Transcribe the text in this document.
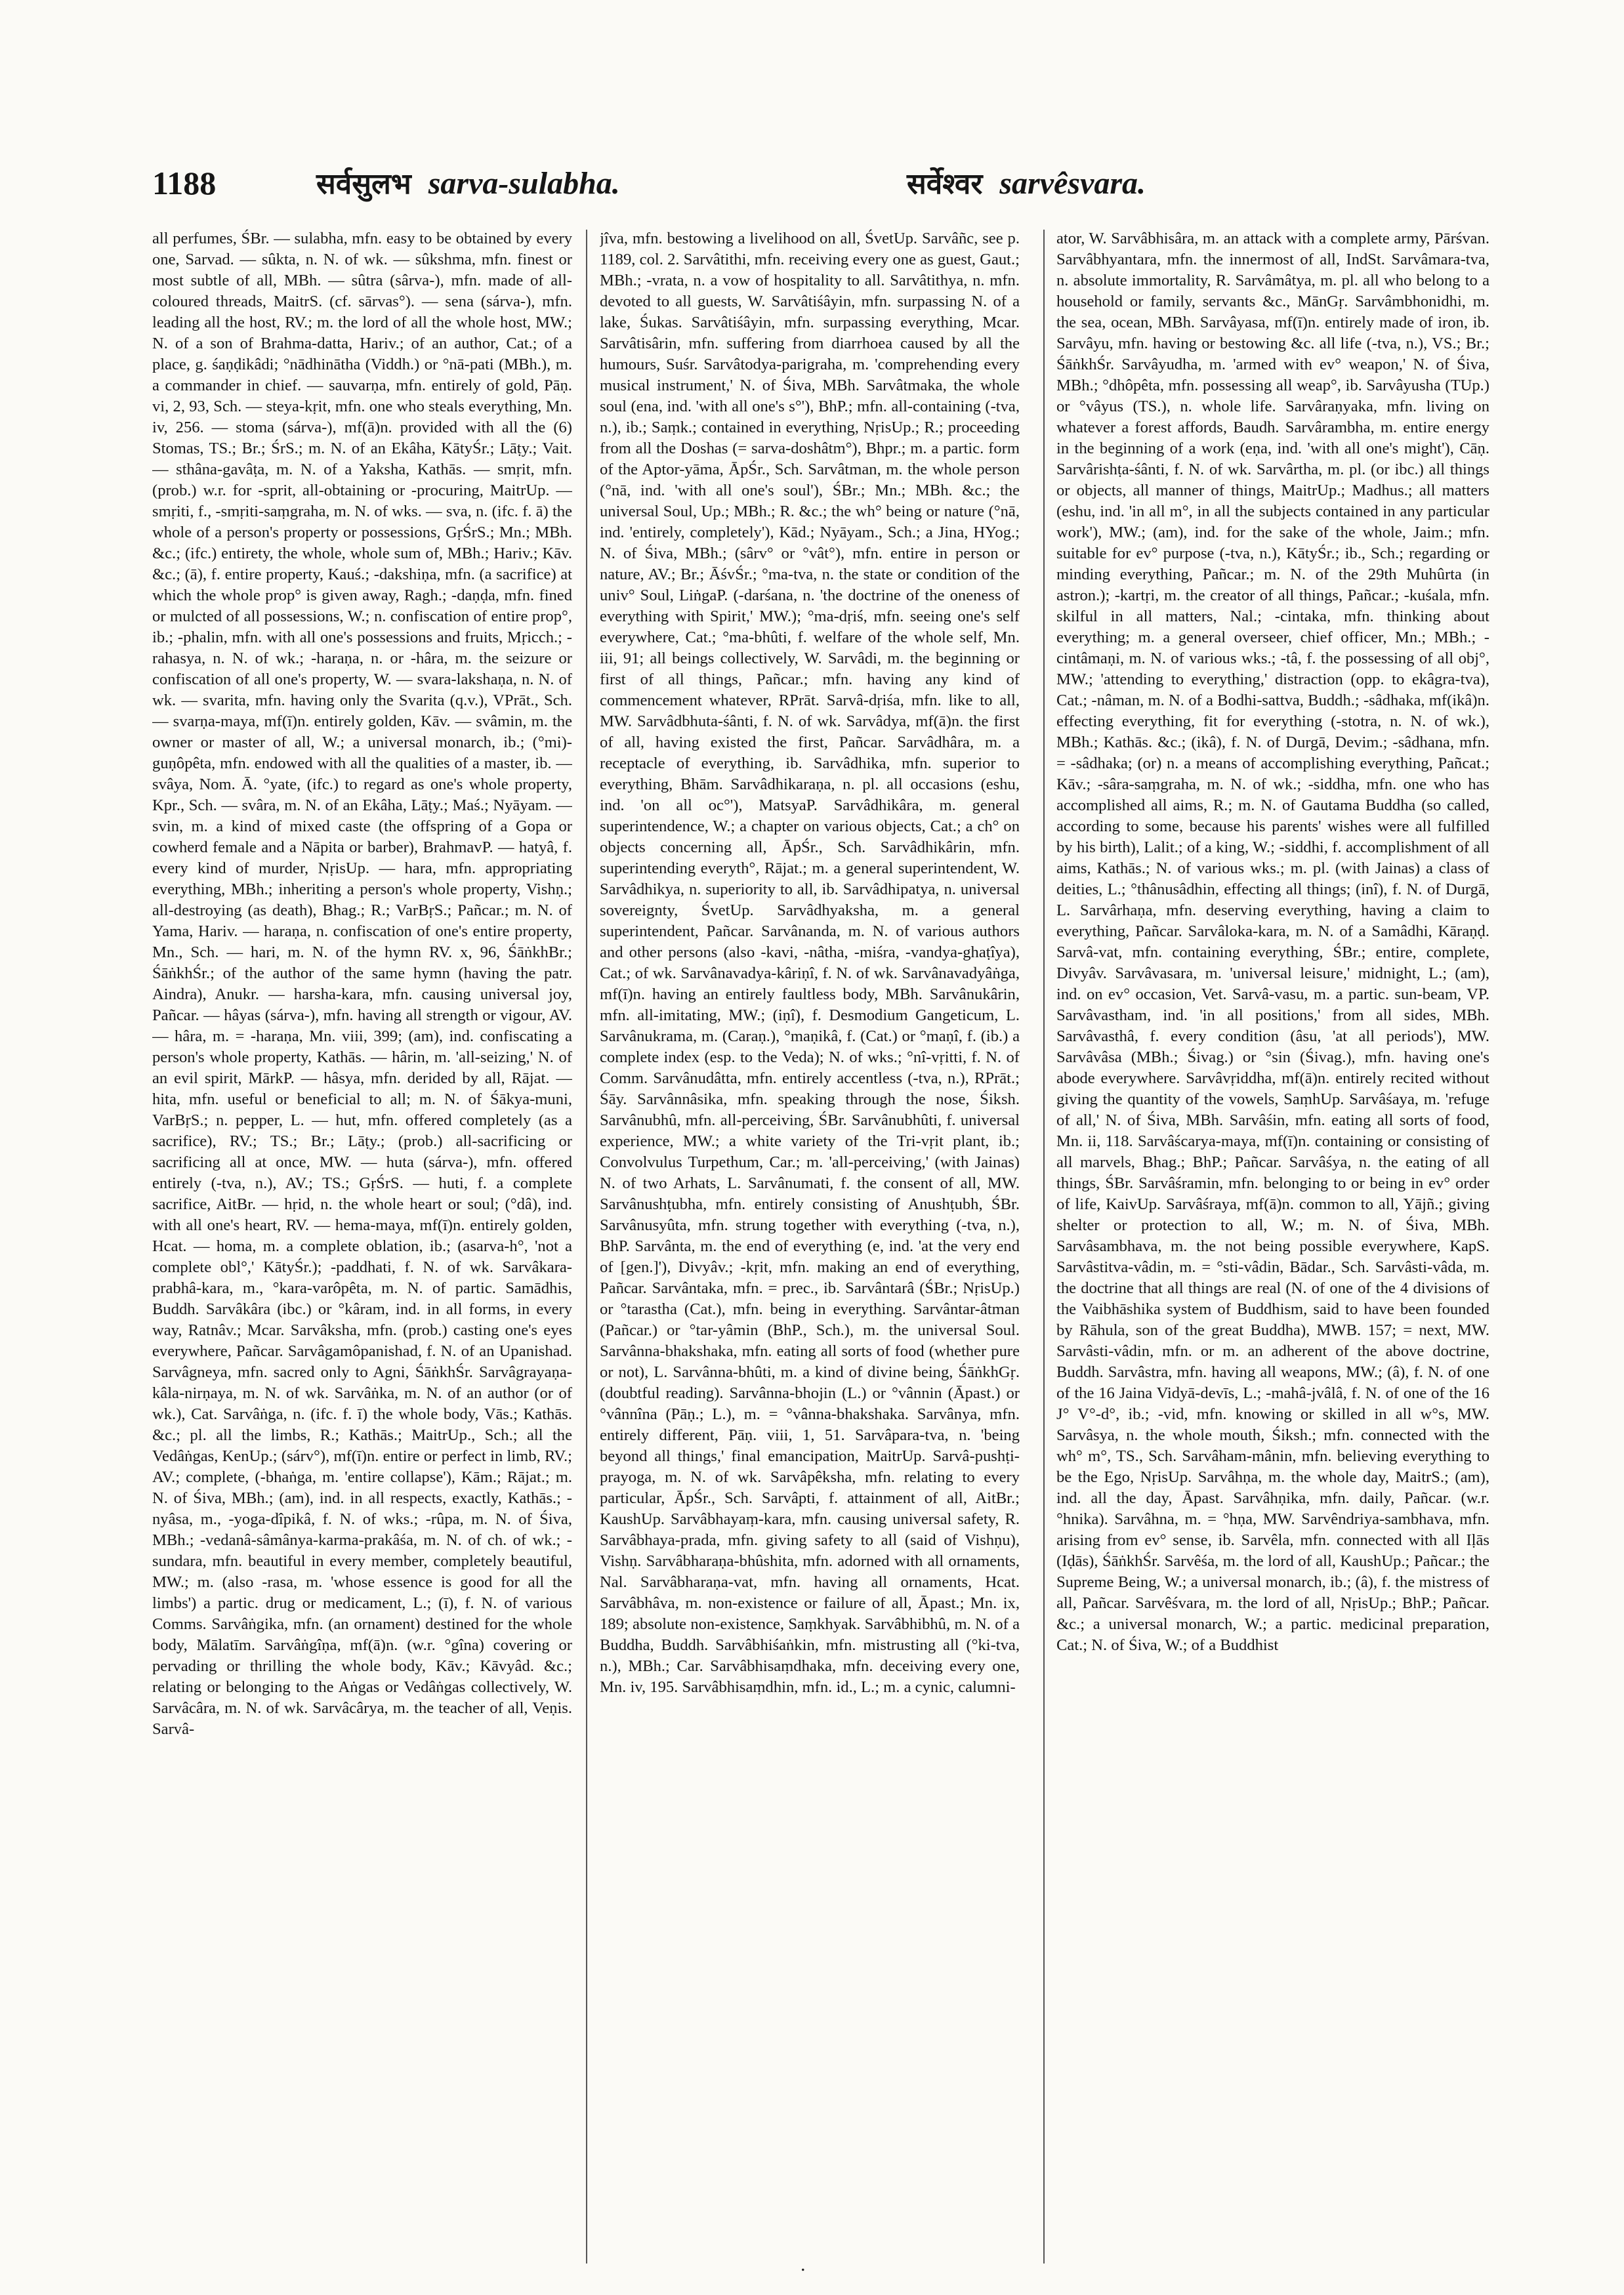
1188	सर्वसुलभ sarva-sulabha.	सर्वेश्वर sarvêsvara.

all perfumes, ŚBr. — sulabha, mfn. easy to be obtained by every one, Sarvad. — sûkta, n. N. of wk. — sûkshma, mfn. finest or most subtle of all, MBh. — sûtra (sârva-), mfn. made of all-coloured threads, MaitrS. (cf. sārvas°). — sena (sárva-), mfn. leading all the host, RV.; m. the lord of all the whole host, MW.; N. of a son of Brahma-datta, Hariv.; of an author, Cat.; of a place, g. śaṇḍikâdi; °nādhinātha (Viddh.) or °nā-pati (MBh.), m. a commander in chief. — sauvarṇa, mfn. entirely of gold, Pāṇ. vi, 2, 93, Sch. — steya-kṛit, mfn. one who steals everything, Mn. iv, 256. — stoma (sárva-), mf(ā)n. provided with all the (6) Stomas, TS.; Br.; ŚrS.; m. N. of an Ekâha, KātyŚr.; Lāṭy.; Vait. — sthâna-gavâṭa, m. N. of a Yaksha, Kathās. — smṛit, mfn. (prob.) w.r. for -sprit, all-obtaining or -procuring, MaitrUp. — smṛiti, f., -smṛiti-saṃgraha, m. N. of wks. — sva, n. (ifc. f. ā) the whole of a person's property or possessions, GṛŚrS.; Mn.; MBh. &c.; (ifc.) entirety, the whole, whole sum of, MBh.; Hariv.; Kāv. &c.; (ā), f. entire property, Kauś.; -dakshiṇa, mfn. (a sacrifice) at which the whole prop° is given away, Ragh.; -daṇḍa, mfn. fined or mulcted of all possessions, W.; n. confiscation of entire prop°, ib.; -phalin, mfn. with all one's possessions and fruits, Mṛicch.; -rahasya, n. N. of wk.; -haraṇa, n. or -hâra, m. the seizure or confiscation of all one's property, W. — svara-lakshaṇa, n. N. of wk. — svarita, mfn. having only the Svarita (q.v.), VPrāt., Sch. — svarṇa-maya, mf(ī)n. entirely golden, Kāv. — svâmin, m. the owner or master of all, W.; a universal monarch, ib.; (°mi)-guṇôpêta, mfn. endowed with all the qualities of a master, ib. — svâya, Nom. Ā. °yate, (ifc.) to regard as one's whole property, Kpr., Sch. — svâra, m. N. of an Ekâha, Lāṭy.; Maś.; Nyāyam. — svin, m. a kind of mixed caste (the offspring of a Gopa or cowherd female and a Nāpita or barber), BrahmavP. — hatyâ, f. every kind of murder, NṛisUp. — hara, mfn. appropriating everything, MBh.; inheriting a person's whole property, Vishṇ.; all-destroying (as death), Bhag.; R.; VarBṛS.; Pañcar.; m. N. of Yama, Hariv. — haraṇa, n. confiscation of one's entire property, Mn., Sch. — hari, m. N. of the hymn RV. x, 96, ŚāṅkhBr.; ŚāṅkhŚr.; of the author of the same hymn (having the patr. Aindra), Anukr. — harsha-kara, mfn. causing universal joy, Pañcar. — hâyas (sárva-), mfn. having all strength or vigour, AV. — hâra, m. = -haraṇa, Mn. viii, 399; (am), ind. confiscating a person's whole property, Kathās. — hârin, m. 'all-seizing,' N. of an evil spirit, MārkP. — hâsya, mfn. derided by all, Rājat. — hita, mfn. useful or beneficial to all; m. N. of Śākya-muni, VarBṛS.; n. pepper, L. — hut, mfn. offered completely (as a sacrifice), RV.; TS.; Br.; Lāṭy.; (prob.) all-sacrificing or sacrificing all at once, MW. — huta (sárva-), mfn. offered entirely (-tva, n.), AV.; TS.; GṛŚrS. — huti, f. a complete sacrifice, AitBr. — hṛid, n. the whole heart or soul; (°dâ), ind. with all one's heart, RV. — hema-maya, mf(ī)n. entirely golden, Hcat. — homa, m. a complete oblation, ib.; (asarva-h°, 'not a complete obl°,' KātyŚr.); -paddhati, f. N. of wk. Sarvâkara-prabhâ-kara, m., °kara-varôpêta, m. N. of partic. Samādhis, Buddh. Sarvâkâra (ibc.) or °kâram, ind. in all forms, in every way, Ratnâv.; Mcar. Sarvâksha, mfn. (prob.) casting one's eyes everywhere, Pañcar. Sarvâgamôpanishad, f. N. of an Upanishad. Sarvâgneya, mfn. sacred only to Agni, ŚāṅkhŚr. Sarvâgrayaṇa-kâla-nirṇaya, m. N. of wk. Sarvâṅka, m. N. of an author (or of wk.), Cat. Sarvâṅga, n. (ifc. f. ī) the whole body, Vās.; Kathās. &c.; pl. all the limbs, R.; Kathās.; MaitrUp., Sch.; all the Vedâṅgas, KenUp.; (sárv°), mf(ī)n. entire or perfect in limb, RV.; AV.; complete, (-bhaṅga, m. 'entire collapse'), Kām.; Rājat.; m. N. of Śiva, MBh.; (am), ind. in all respects, exactly, Kathās.; -nyâsa, m., -yoga-dîpikâ, f. N. of wks.; -rûpa, m. N. of Śiva, MBh.; -vedanâ-sâmânya-karma-prakâśa, m. N. of ch. of wk.; -sundara, mfn. beautiful in every member, completely beautiful, MW.; m. (also -rasa, m. 'whose essence is good for all the limbs') a partic. drug or medicament, L.; (ī), f. N. of various Comms. Sarvâṅgika, mfn. (an ornament) destined for the whole body, Mālatīm. Sarvâṅgîṇa, mf(ā)n. (w.r. °gîna) covering or pervading or thrilling the whole body, Kāv.; Kāvyâd. &c.; relating or belonging to the Aṅgas or Vedâṅgas collectively, W. Sarvâcâra, m. N. of wk. Sarvâcârya, m. the teacher of all, Veṇis. Sarvâ-

jîva, mfn. bestowing a livelihood on all, ŚvetUp. Sarvâñc, see p. 1189, col. 2. Sarvâtithi, mfn. receiving every one as guest, Gaut.; MBh.; -vrata, n. a vow of hospitality to all. Sarvâtithya, n. mfn. devoted to all guests, W. Sarvâtiśâyin, mfn. surpassing N. of a lake, Śukas. Sarvâtiśâyin, mfn. surpassing everything, Mcar. Sarvâtisârin, mfn. suffering from diarrhoea caused by all the humours, Suśr. Sarvâtodya-parigraha, m. 'comprehending every musical instrument,' N. of Śiva, MBh. Sarvâtmaka, the whole soul (ena, ind. 'with all one's s°'), BhP.; mfn. all-containing (-tva, n.), ib.; Saṃk.; contained in everything, NṛisUp.; R.; proceeding from all the Doshas (= sarva-doshâtm°), Bhpr.; m. a partic. form of the Aptor-yāma, ĀpŚr., Sch. Sarvâtman, m. the whole person (°nā, ind. 'with all one's soul'), ŚBr.; Mn.; MBh. &c.; the universal Soul, Up.; MBh.; R. &c.; the wh° being or nature (°nā, ind. 'entirely, completely'), Kād.; Nyāyam., Sch.; a Jina, HYog.; N. of Śiva, MBh.; (sârv° or °vât°), mfn. entire in person or nature, AV.; Br.; ĀśvŚr.; °ma-tva, n. the state or condition of the univ° Soul, LiṅgaP. (-darśana, n. 'the doctrine of the oneness of everything with Spirit,' MW.); °ma-dṛiś, mfn. seeing one's self everywhere, Cat.; °ma-bhûti, f. welfare of the whole self, Mn. iii, 91; all beings collectively, W. Sarvâdi, m. the beginning or first of all things, Pañcar.; mfn. having any kind of commencement whatever, RPrāt. Sarvâ-dṛiśa, mfn. like to all, MW. Sarvâdbhuta-śânti, f. N. of wk. Sarvâdya, mf(ā)n. the first of all, having existed the first, Pañcar. Sarvâdhâra, m. a receptacle of everything, ib. Sarvâdhika, mfn. superior to everything, Bhām. Sarvâdhikaraṇa, n. pl. all occasions (eshu, ind. 'on all oc°'), MatsyaP. Sarvâdhikâra, m. general superintendence, W.; a chapter on various objects, Cat.; a ch° on objects concerning all, ĀpŚr., Sch. Sarvâdhikârin, mfn. superintending everyth°, Rājat.; m. a general superintendent, W. Sarvâdhikya, n. superiority to all, ib. Sarvâdhipatya, n. universal sovereignty, ŚvetUp. Sarvâdhyaksha, m. a general superintendent, Pañcar. Sarvânanda, m. N. of various authors and other persons (also -kavi, -nâtha, -miśra, -vandya-ghaṭîya), Cat.; of wk. Sarvânavadya-kâriṇî, f. N. of wk. Sarvânavadyâṅga, mf(ī)n. having an entirely faultless body, MBh. Sarvânukârin, mfn. all-imitating, MW.; (iṇî), f. Desmodium Gangeticum, L. Sarvânukrama, m. (Caraṇ.), °maṇikâ, f. (Cat.) or °maṇî, f. (ib.) a complete index (esp. to the Veda); N. of wks.; °nî-vṛitti, f. N. of Comm. Sarvânudâtta, mfn. entirely accentless (-tva, n.), RPrāt.; Śāy. Sarvânnâsika, mfn. speaking through the nose, Śiksh. Sarvânubhû, mfn. all-perceiving, ŚBr. Sarvânubhûti, f. universal experience, MW.; a white variety of the Tri-vṛit plant, ib.; Convolvulus Turpethum, Car.; m. 'all-perceiving,' (with Jainas) N. of two Arhats, L. Sarvânumati, f. the consent of all, MW. Sarvânushṭubha, mfn. entirely consisting of Anushṭubh, ŚBr. Sarvânusyûta, mfn. strung together with everything (-tva, n.), BhP. Sarvânta, m. the end of everything (e, ind. 'at the very end of [gen.]'), Divyâv.; -kṛit, mfn. making an end of everything, Pañcar. Sarvântaka, mfn. = prec., ib. Sarvântarâ (ŚBr.; NṛisUp.) or °tarastha (Cat.), mfn. being in everything. Sarvântar-âtman (Pañcar.) or °tar-yâmin (BhP., Sch.), m. the universal Soul. Sarvânna-bhakshaka, mfn. eating all sorts of food (whether pure or not), L. Sarvânna-bhûti, m. a kind of divine being, ŚāṅkhGṛ. (doubtful reading). Sarvânna-bhojin (L.) or °vânnin (Āpast.) or °vânnîna (Pāṇ.; L.), m. = °vânna-bhakshaka. Sarvânya, mfn. entirely different, Pāṇ. viii, 1, 51. Sarvâpara-tva, n. 'being beyond all things,' final emancipation, MaitrUp. Sarvâ-pushṭi-prayoga, m. N. of wk. Sarvâpêksha, mfn. relating to every particular, ĀpŚr., Sch. Sarvâpti, f. attainment of all, AitBr.; KaushUp. Sarvâbhayaṃ-kara, mfn. causing universal safety, R. Sarvâbhaya-prada, mfn. giving safety to all (said of Vishṇu), Vishṇ. Sarvâbharaṇa-bhûshita, mfn. adorned with all ornaments, Nal. Sarvâbharaṇa-vat, mfn. having all ornaments, Hcat. Sarvâbhâva, m. non-existence or failure of all, Āpast.; Mn. ix, 189; absolute non-existence, Saṃkhyak. Sarvâbhibhû, m. N. of a Buddha, Buddh. Sarvâbhiśaṅkin, mfn. mistrusting all (°ki-tva, n.), MBh.; Car. Sarvâbhisaṃdhaka, mfn. deceiving every one, Mn. iv, 195. Sarvâbhisaṃdhin, mfn. id., L.; m. a cynic, calumni-

ator, W. Sarvâbhisâra, m. an attack with a complete army, Pārśvan. Sarvâbhyantara, mfn. the innermost of all, IndSt. Sarvâmara-tva, n. absolute immortality, R. Sarvâmâtya, m. pl. all who belong to a household or family, servants &c., MānGṛ. Sarvâmbhonidhi, m. the sea, ocean, MBh. Sarvâyasa, mf(ī)n. entirely made of iron, ib. Sarvâyu, mfn. having or bestowing &c. all life (-tva, n.), VS.; Br.; ŚāṅkhŚr. Sarvâyudha, m. 'armed with ev° weapon,' N. of Śiva, MBh.; °dhôpêta, mfn. possessing all weap°, ib. Sarvâyusha (TUp.) or °vâyus (TS.), n. whole life. Sarvâraṇyaka, mfn. living on whatever a forest affords, Baudh. Sarvârambha, m. entire energy in the beginning of a work (eṇa, ind. 'with all one's might'), Cāṇ. Sarvârishṭa-śânti, f. N. of wk. Sarvârtha, m. pl. (or ibc.) all things or objects, all manner of things, MaitrUp.; Madhus.; all matters (eshu, ind. 'in all m°, in all the subjects contained in any particular work'), MW.; (am), ind. for the sake of the whole, Jaim.; mfn. suitable for ev° purpose (-tva, n.), KātyŚr.; ib., Sch.; regarding or minding everything, Pañcar.; m. N. of the 29th Muhûrta (in astron.); -kartṛi, m. the creator of all things, Pañcar.; -kuśala, mfn. skilful in all matters, Nal.; -cintaka, mfn. thinking about everything; m. a general overseer, chief officer, Mn.; MBh.; -cintâmaṇi, m. N. of various wks.; -tâ, f. the possessing of all obj°, MW.; 'attending to everything,' distraction (opp. to ekâgra-tva), Cat.; -nâman, m. N. of a Bodhi-sattva, Buddh.; -sâdhaka, mf(ikâ)n. effecting everything, fit for everything (-stotra, n. N. of wk.), MBh.; Kathās. &c.; (ikâ), f. N. of Durgā, Devim.; -sâdhana, mfn. = -sâdhaka; (or) n. a means of accomplishing everything, Pañcat.; Kāv.; -sâra-saṃgraha, m. N. of wk.; -siddha, mfn. one who has accomplished all aims, R.; m. N. of Gautama Buddha (so called, according to some, because his parents' wishes were all fulfilled by his birth), Lalit.; of a king, W.; -siddhi, f. accomplishment of all aims, Kathās.; N. of various wks.; m. pl. (with Jainas) a class of deities, L.; °thânusâdhin, effecting all things; (inî), f. N. of Durgā, L. Sarvârhaṇa, mfn. deserving everything, having a claim to everything, Pañcar. Sarvâloka-kara, m. N. of a Samâdhi, Kāraṇḍ. Sarvâ-vat, mfn. containing everything, ŚBr.; entire, complete, Divyâv. Sarvâvasara, m. 'universal leisure,' midnight, L.; (am), ind. on ev° occasion, Vet. Sarvâ-vasu, m. a partic. sun-beam, VP. Sarvâvastham, ind. 'in all positions,' from all sides, MBh. Sarvâvasthâ, f. every condition (âsu, 'at all periods'), MW. Sarvâvâsa (MBh.; Śivag.) or °sin (Śivag.), mfn. having one's abode everywhere. Sarvâvṛiddha, mf(ā)n. entirely recited without giving the quantity of the vowels, SaṃhUp. Sarvâśaya, m. 'refuge of all,' N. of Śiva, MBh. Sarvâśin, mfn. eating all sorts of food, Mn. ii, 118. Sarvâścarya-maya, mf(ī)n. containing or consisting of all marvels, Bhag.; BhP.; Pañcar. Sarvâśya, n. the eating of all things, ŚBr. Sarvâśramin, mfn. belonging to or being in ev° order of life, KaivUp. Sarvâśraya, mf(ā)n. common to all, Yājñ.; giving shelter or protection to all, W.; m. N. of Śiva, MBh. Sarvâsambhava, m. the not being possible everywhere, KapS. Sarvâstitva-vâdin, m. = °sti-vâdin, Bādar., Sch. Sarvâsti-vâda, m. the doctrine that all things are real (N. of one of the 4 divisions of the Vaibhāshika system of Buddhism, said to have been founded by Rāhula, son of the great Buddha), MWB. 157; = next, MW. Sarvâsti-vâdin, mfn. or m. an adherent of the above doctrine, Buddh. Sarvâstra, mfn. having all weapons, MW.; (â), f. N. of one of the 16 Jaina Vidyā-devīs, L.; -mahâ-jvâlâ, f. N. of one of the 16 J° V°-d°, ib.; -vid, mfn. knowing or skilled in all w°s, MW. Sarvâsya, n. the whole mouth, Śiksh.; mfn. connected with the wh° m°, TS., Sch. Sarvâham-mânin, mfn. believing everything to be the Ego, NṛisUp. Sarvâhṇa, m. the whole day, MaitrS.; (am), ind. all the day, Āpast. Sarvâhṇika, mfn. daily, Pañcar. (w.r. °hnika). Sarvâhna, m. = °hṇa, MW. Sarvêndriya-sambhava, mfn. arising from ev° sense, ib. Sarvêla, mfn. connected with all Iḷās (Iḍās), ŚāṅkhŚr. Sarvêśa, m. the lord of all, KaushUp.; Pañcar.; the Supreme Being, W.; a universal monarch, ib.; (â), f. the mistress of all, Pañcar. Sarvêśvara, m. the lord of all, NṛisUp.; BhP.; Pañcar. &c.; a universal monarch, W.; a partic. medicinal preparation, Cat.; N. of Śiva, W.; of a Buddhist

.
